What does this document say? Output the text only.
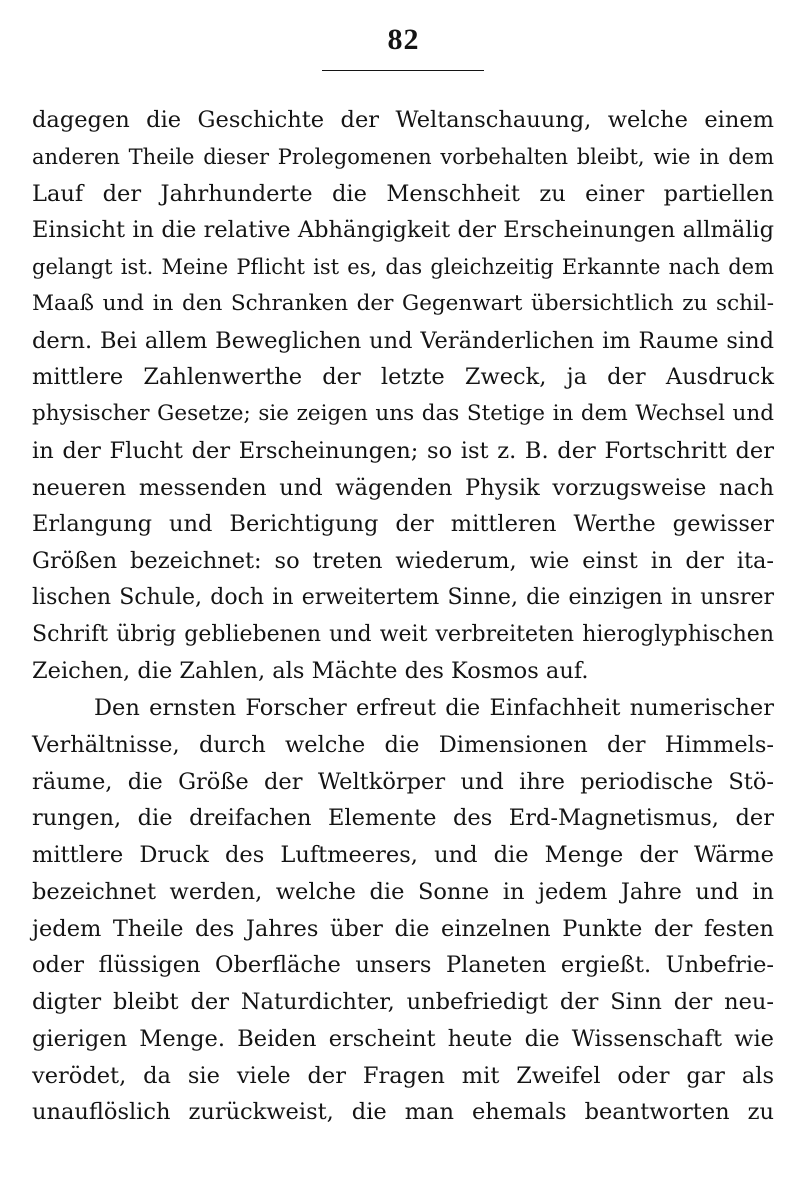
82
dagegen die Geschichte der Weltanschauung, welche einem
anderen Theile dieser Prolegomenen vorbehalten bleibt, wie in dem
Lauf der Jahrhunderte die Menschheit zu einer partiellen
Einsicht in die relative Abhängigkeit der Erscheinungen allmälig
gelangt ist. Meine Pflicht ist es, das gleichzeitig Erkannte nach dem
Maaß und in den Schranken der Gegenwart übersichtlich zu schil-
dern. Bei allem Beweglichen und Veränderlichen im Raume sind
mittlere Zahlenwerthe der letzte Zweck, ja der Ausdruck
physischer Gesetze; sie zeigen uns das Stetige in dem Wechsel und
in der Flucht der Erscheinungen; so ist z. B. der Fortschritt der
neueren messenden und wägenden Physik vorzugsweise nach
Erlangung und Berichtigung der mittleren Werthe gewisser
Größen bezeichnet: so treten wiederum, wie einst in der ita-
lischen Schule, doch in erweitertem Sinne, die einzigen in unsrer
Schrift übrig gebliebenen und weit verbreiteten hieroglyphischen
Zeichen, die Zahlen, als Mächte des Kosmos auf.
Den ernsten Forscher erfreut die Einfachheit numerischer
Verhältnisse, durch welche die Dimensionen der Himmels-
räume, die Größe der Weltkörper und ihre periodische Stö-
rungen, die dreifachen Elemente des Erd-Magnetismus, der
mittlere Druck des Luftmeeres, und die Menge der Wärme
bezeichnet werden, welche die Sonne in jedem Jahre und in
jedem Theile des Jahres über die einzelnen Punkte der festen
oder flüssigen Oberfläche unsers Planeten ergießt. Unbefrie-
digter bleibt der Naturdichter, unbefriedigt der Sinn der neu-
gierigen Menge. Beiden erscheint heute die Wissenschaft wie
verödet, da sie viele der Fragen mit Zweifel oder gar als
unauflöslich zurückweist, die man ehemals beantworten zu
